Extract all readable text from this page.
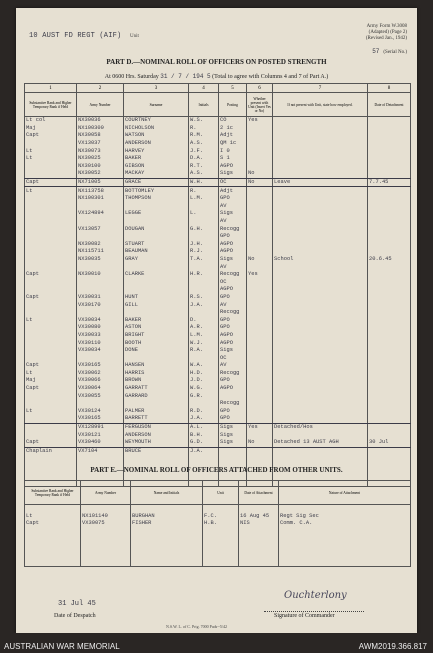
10 AUST FD REGT (AIF) Unit
Army Form W.3008
(Adapted) (Page 2)
(Revised Jan., 1942)
57 (Serial No.)
PART D.—NOMINAL ROLL OF OFFICERS ON POSTED STRENGTH
At 0600 Hrs. Saturday 31 / 7 / 194 5 (Total to agree with Columns 4 and 7 of Part A.)
1	2	3	4	5	6	7	8
Substantive Rank and Higher Temporary Rank if Held	Army Number	Surname	Initials	Posting	Whether present with Unit (Insert Yes or No)	If not present with Unit, state how employed.	Date of Detachment
Lt col	NX30036	COURTNEY	W.S.	CO	Yes		
Maj	NX100300	NICHOLSON	R.	2 ic			
Capt	NX30058	WATSON	R.M.	Adjt			
	VX13037	ANDERSON	A.S.	QM 1c			
Lt	NX30073	HARVEY	J.F.	I 0			
Lt	NX30025	BAKER	D.A.	S 1			
	NX30100	GIBSON	R.T.	AGPO			
	NX30052	MACKAY	A.S.	Sigs	No		
Capt	NX71005	GRACE	W.H.	OC	No	Leave	7.7.45
Lt	NX113758	BOTTOMLEY	R.	Adjt			
	NX100301	THOMPSON	L.M.	GPO			
				AV			
	VX124894	LEGGE	L.	Sigs			
				AV			
	VX13057	DOUGAN	G.H.	Recogg			
				GPO			
	NX30082	STUART	J.H.	AGPO			
	NX115711	BEAUMAN	R.J.	AGPO			
	NX30035	GRAY	T.A.	Sigs	No	School	20.6.45
				AV			
Capt	NX30010	CLARKE	H.R.	Recogg	Yes		
				OC			
				AGPO			
Capt	VX30031	HUNT	R.S.	GPO			
	VX30170	GILL	J.A.	AV			
				Recogg			
Lt	VX30034	BAKER	D.	GPO			
	VX30080	ASTON	A.R.	GPO			
	VX30033	BRIGHT	L.M.	AGPO			
	VX30110	BOOTH	W.J.	AGPO			
	VX30034	DONE	R.A.	Sigs			
				OC			
Capt	VX30165	HANSEN	W.A.	AV			
Lt	VX30062	HARRIS	H.D.	Recogg			
Maj	VX30066	BROWN	J.D.	GPO			
Capt	VX30064	GARRATT	W.G.	AGPO			
	VX30055	GARRARD	G.R.				
				Recogg			
Lt	VX30124	PALMER	R.D.	GPO			
	VX30165	BARRETT	J.A.	GPO			
	VX128991	FERGUSON	A.L.	Sigs	Yes	Detached/Hos	
	VX30121	ANDERSON	B.H.	Sigs			
Capt	VX30460	WEYMOUTH	G.D.	Sigs	No	Detached 13 AUST AGH	30 Jul
Chaplain	VX7104	BRUCE	J.A.				

PART E.—NOMINAL ROLL OF OFFICERS ATTACHED FROM OTHER UNITS.
Substantive Rank and Higher Temporary Rank if Held	Army Number	Name and Initials	Unit	Date of Attachment	Nature of Attachment

Lt	NX101140	BURGHAN	F.C.	16 Aug 45	Regt Sig Sec
Capt	VX30075	FISHER	H.B.	NIS	Comm. C.A.

31 Jul 45
Date of Despatch
Ouchterlony
Signature of Commander
N.S.W. L. of C. Prtg. 7000 Pads--5/42
AUSTRALIAN WAR MEMORIAL	AWM2019.366.817
